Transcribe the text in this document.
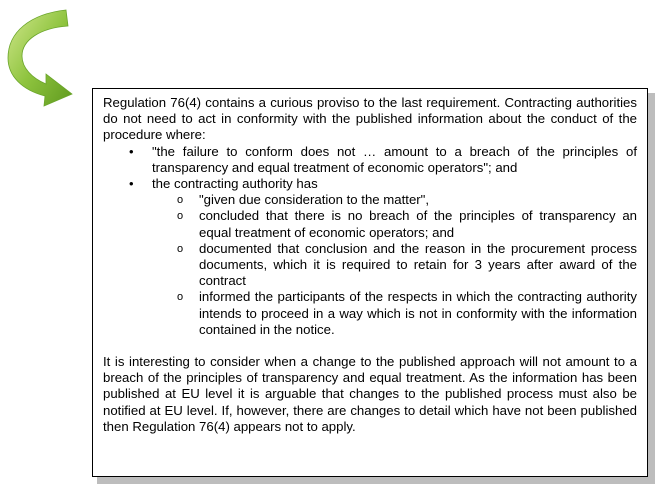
Regulation 76(4) contains a curious proviso to the last requirement. Contracting authorities do not need to act in conformity with the published information about the conduct of the procedure where:

• "the failure to conform does not … amount to a breach of the principles of transparency and equal treatment of economic operators"; and
• the contracting authority has
o "given due consideration to the matter",
o concluded that there is no breach of the principles of transparency an equal treatment of economic operators; and
o documented that conclusion and the reason in the procurement process documents, which it is required to retain for 3 years after award of the contract
o informed the participants of the respects in which the contracting authority intends to proceed in a way which is not in conformity with the information contained in the notice.

It is interesting to consider when a change to the published approach will not amount to a breach of the principles of transparency and equal treatment. As the information has been published at EU level it is arguable that changes to the published process must also be notified at EU level. If, however, there are changes to detail which have not been published then Regulation 76(4) appears not to apply.
